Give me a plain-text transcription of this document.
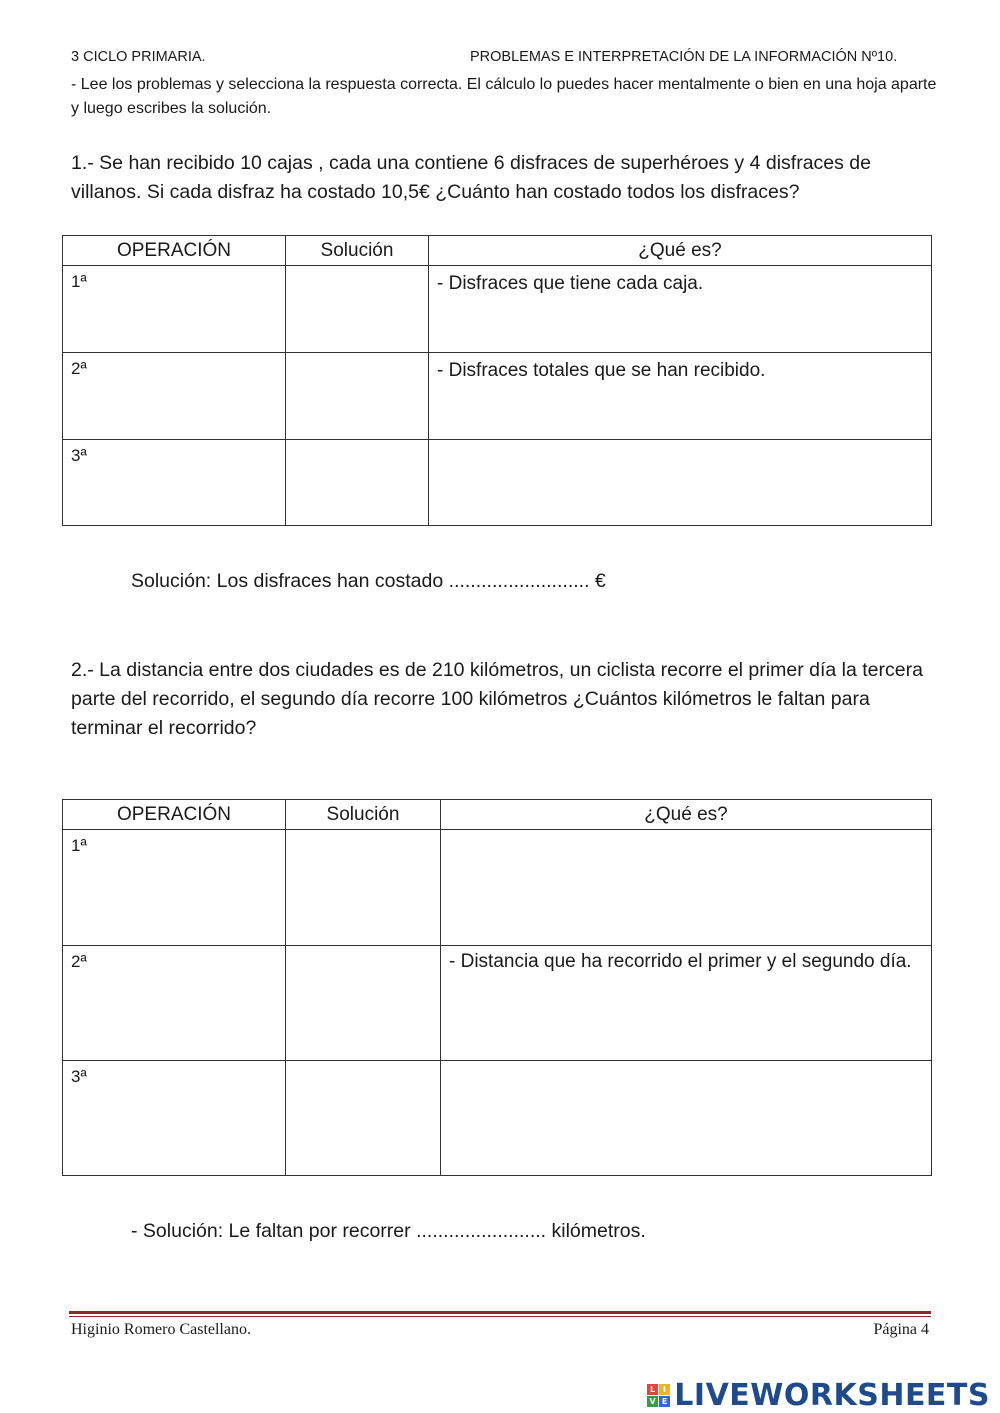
3 CICLO PRIMARIA.	PROBLEMAS E INTERPRETACIÓN DE LA INFORMACIÓN Nº10.
- Lee los problemas y selecciona la respuesta correcta. El cálculo lo puedes hacer mentalmente o bien en una hoja aparte y luego escribes la solución.
1.- Se han recibido 10 cajas , cada una contiene 6 disfraces de superhéroes y 4 disfraces de villanos. Si cada disfraz ha costado 10,5€ ¿Cuánto han costado todos los disfraces?
OPERACIÓN	Solución	¿Qué es?

1ª		- Disfraces que tiene cada caja.

2ª		- Disfraces totales que se han recibido.

3ª		

Solución: Los disfraces han costado .......................... €
2.- La distancia entre dos ciudades es de 210 kilómetros, un ciclista recorre el primer día la tercera parte del recorrido, el segundo día recorre 100 kilómetros ¿Cuántos kilómetros le faltan para terminar el recorrido?
OPERACIÓN	Solución	¿Qué es?

1ª		

2ª		- Distancia que ha recorrido el primer y el segundo día.

3ª		

- Solución: Le faltan por recorrer ........................ kilómetros.
Higinio Romero Castellano.	Página 4
L I
V E LIVEWORKSHEETS
